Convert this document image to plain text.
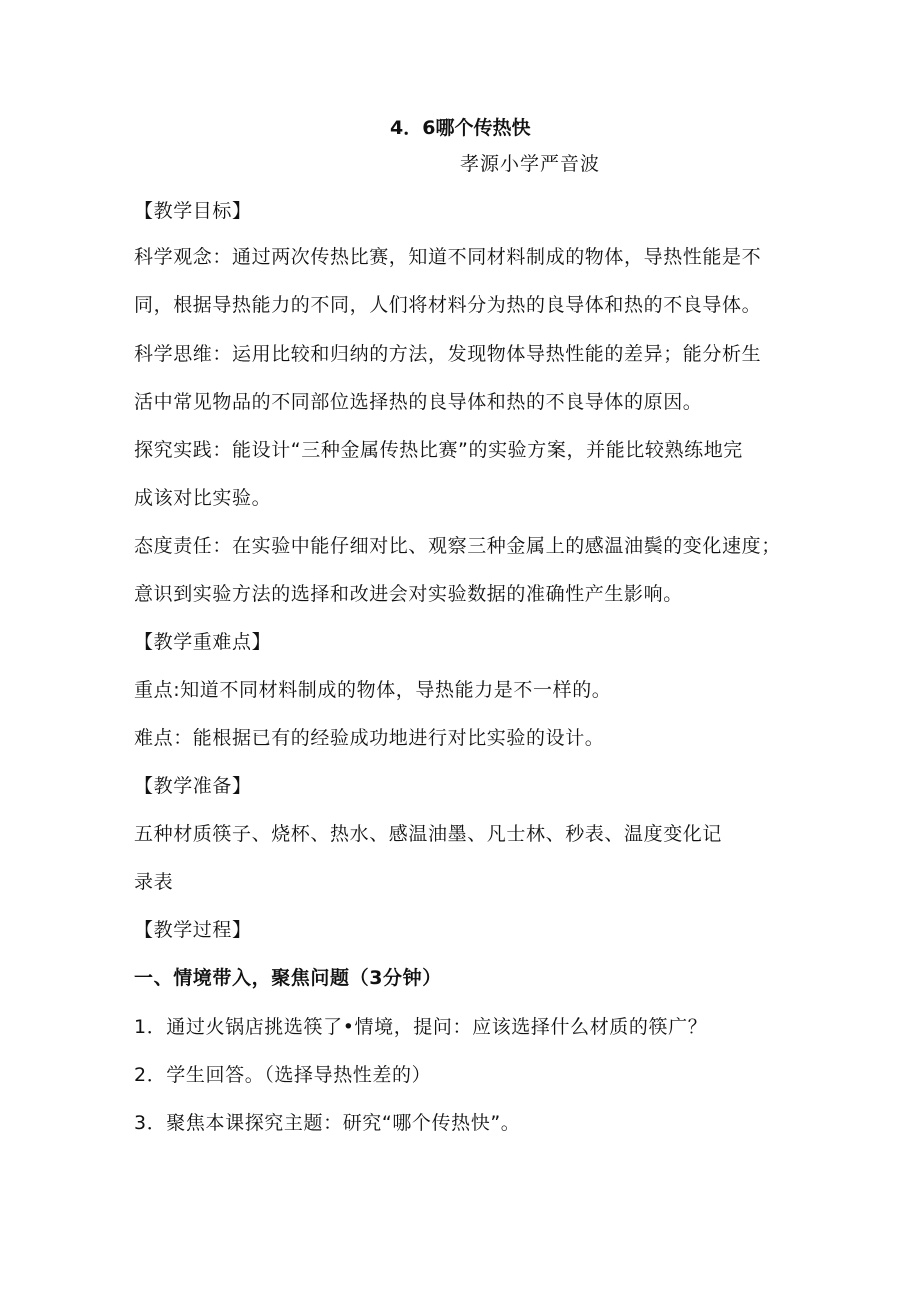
4．6哪个传热快
孝源小学严音波
【教学目标】
科学观念：通过两次传热比赛，知道不同材料制成的物体，导热性能是不
同，根据导热能力的不同，人们将材料分为热的良导体和热的不良导体。
科学思维：运用比较和归纳的方法，发现物体导热性能的差异；能分析生
活中常见物品的不同部位选择热的良导体和热的不良导体的原因。
探究实践：能设计“三种金属传热比赛”的实验方案，并能比较熟练地完
成该对比实验。
态度责任：在实验中能仔细对比、观察三种金属上的感温油鬓的变化速度；
意识到实验方法的选择和改进会对实验数据的准确性产生影响。
【教学重难点】
重点:知道不同材料制成的物体，导热能力是不一样的。
难点：能根据已有的经验成功地进行对比实验的设计。
【教学准备】
五种材质筷子、烧杯、热水、感温油墨、凡士林、秒表、温度变化记
录表
【教学过程】
一、情境带入，聚焦问题（3分钟）
1．通过火锅店挑选筷了•情境，提问：应该选择什么材质的筷广？
2．学生回答。（选择导热性差的）
3．聚焦本课探究主题：研究“哪个传热快”。
